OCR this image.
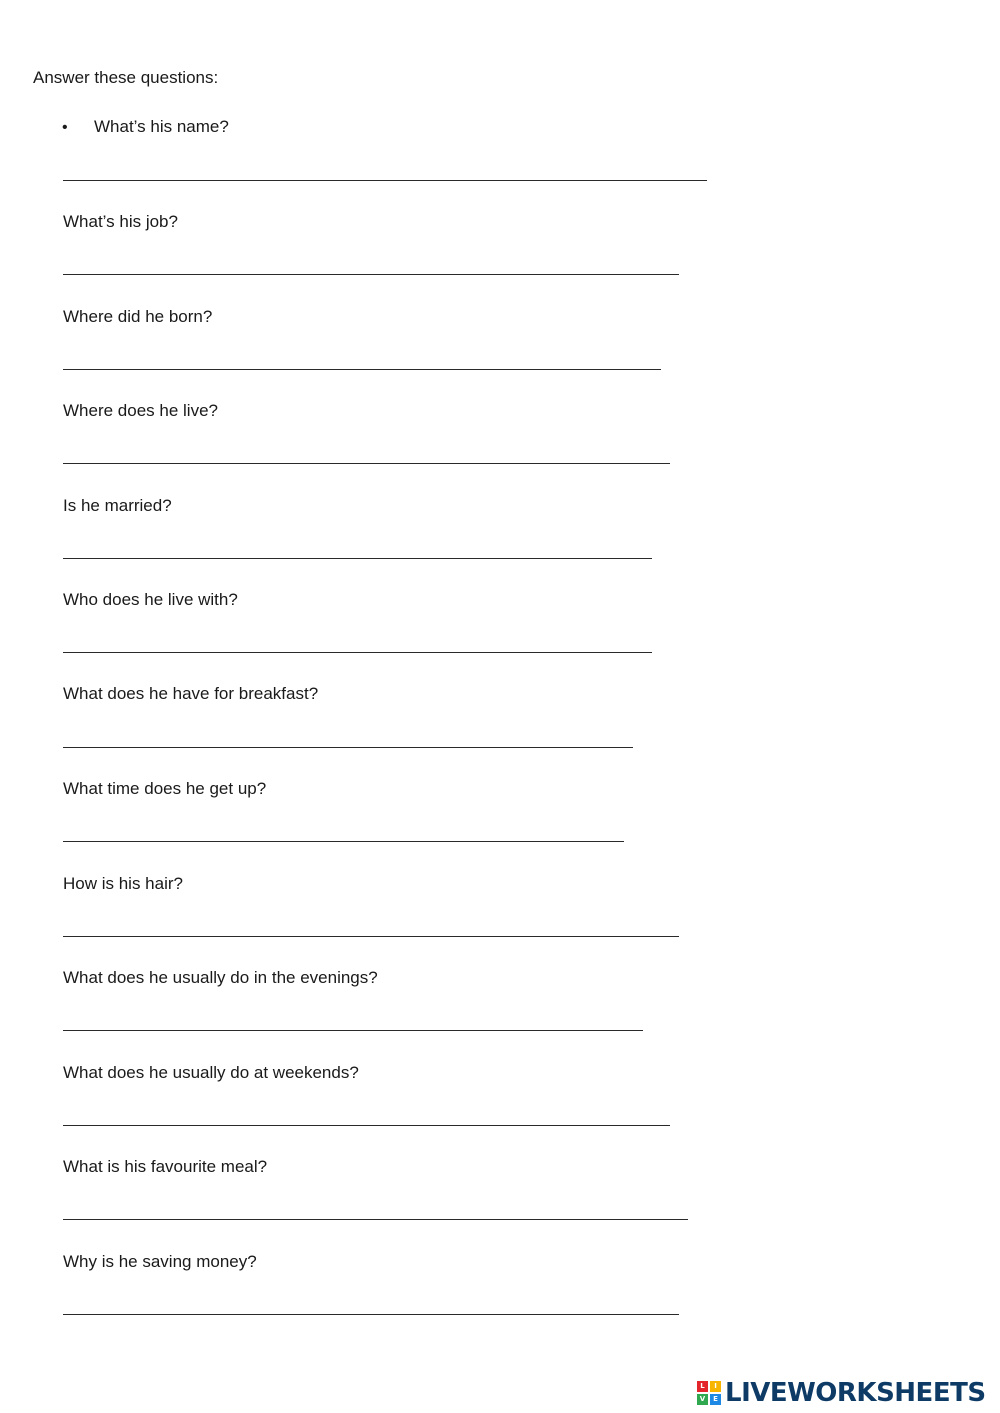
Answer these questions:
• What’s his name?
What’s his job?
Where did he born?
Where does he live?
Is he married?
Who does he live with?
What does he have for breakfast?
What time does he get up?
How is his hair?
What does he usually do in the evenings?
What does he usually do at weekends?
What is his favourite meal?
Why is he saving money?
L	I
V	E LIVEWORKSHEETS
